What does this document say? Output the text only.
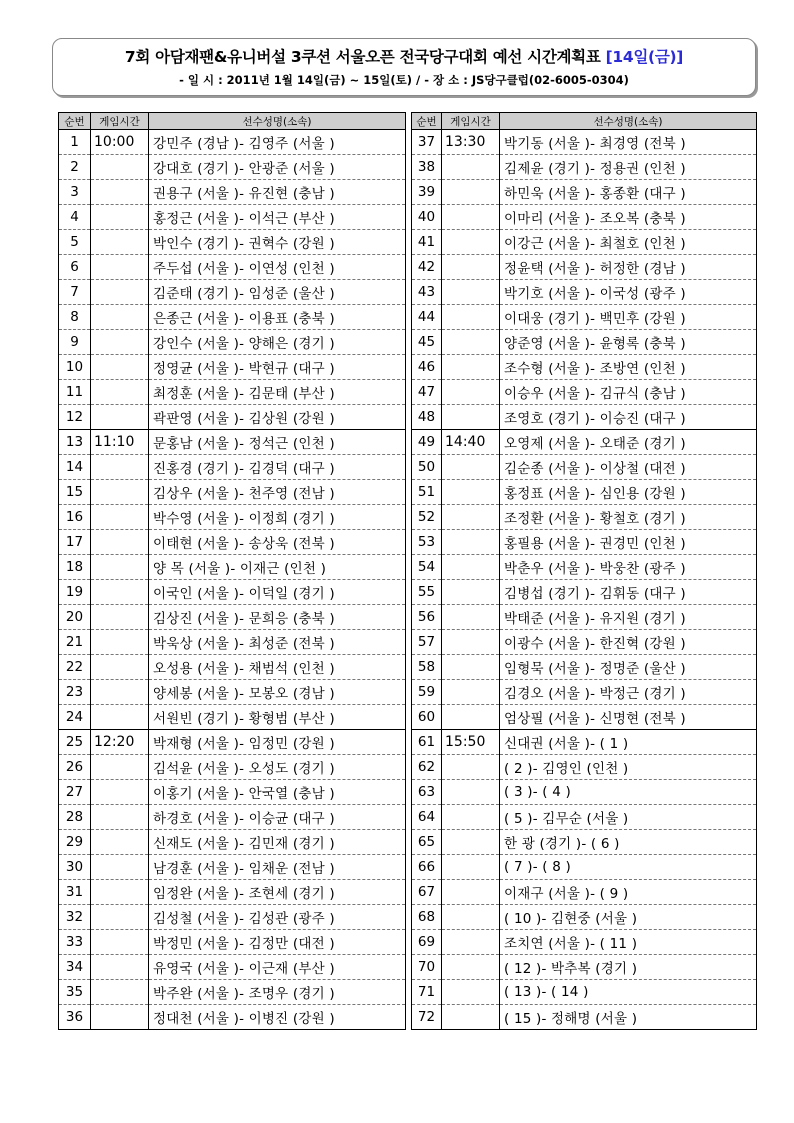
7회 아담재팬&유니버설 3쿠션 서울오픈 전국당구대회 예선 시간계획표 [14일(금)]
- 일 시 : 2011년 1월 14일(금) ~ 15일(토) / - 장 소 : JS당구클럽(02-6005-0304)
순번	게임시간	선수성명(소속)
1	10:00	강민주 (경남 )- 김영주 (서울 )
2		강대호 (경기 )- 안광준 (서울 )
3		권용구 (서울 )- 유진현 (충남 )
4		홍정근 (서울 )- 이석근 (부산 )
5		박인수 (경기 )- 권혁수 (강원 )
6		주두섭 (서울 )- 이연성 (인천 )
7		김준태 (경기 )- 임성준 (울산 )
8		은종근 (서울 )- 이용표 (충북 )
9		강인수 (서울 )- 양해은 (경기 )
10		정영균 (서울 )- 박현규 (대구 )
11		최정훈 (서울 )- 김문태 (부산 )
12		곽판영 (서울 )- 김상원 (강원 )
13	11:10	문홍남 (서울 )- 정석근 (인천 )
14		진홍경 (경기 )- 김경덕 (대구 )
15		김상우 (서울 )- 천주영 (전남 )
16		박수영 (서울 )- 이정희 (경기 )
17		이태현 (서울 )- 송상욱 (전북 )
18		양 목 (서울 )- 이재근 (인천 )
19		이국인 (서울 )- 이덕일 (경기 )
20		김상진 (서울 )- 문희응 (충북 )
21		박욱상 (서울 )- 최성준 (전북 )
22		오성용 (서울 )- 채범석 (인천 )
23		양세봉 (서울 )- 모봉오 (경남 )
24		서원빈 (경기 )- 황형범 (부산 )
25	12:20	박재형 (서울 )- 임정민 (강원 )
26		김석윤 (서울 )- 오성도 (경기 )
27		이홍기 (서울 )- 안국열 (충남 )
28		하경호 (서울 )- 이승균 (대구 )
29		신재도 (서울 )- 김민재 (경기 )
30		남경훈 (서울 )- 임채운 (전남 )
31		임정완 (서울 )- 조현세 (경기 )
32		김성철 (서울 )- 김성관 (광주 )
33		박정민 (서울 )- 김정만 (대전 )
34		유영국 (서울 )- 이근재 (부산 )
35		박주완 (서울 )- 조명우 (경기 )
36		정대천 (서울 )- 이병진 (강원 )
순번	게임시간	선수성명(소속)
37	13:30	박기동 (서울 )- 최경영 (전북 )
38		김제윤 (경기 )- 정용권 (인천 )
39		하민욱 (서울 )- 홍종환 (대구 )
40		이마리 (서울 )- 조오복 (충북 )
41		이강근 (서울 )- 최철호 (인천 )
42		정윤택 (서울 )- 허정한 (경남 )
43		박기호 (서울 )- 이국성 (광주 )
44		이대웅 (경기 )- 백민후 (강원 )
45		양준영 (서울 )- 윤형록 (충북 )
46		조수형 (서울 )- 조방연 (인천 )
47		이승우 (서울 )- 김규식 (충남 )
48		조영호 (경기 )- 이승진 (대구 )
49	14:40	오영제 (서울 )- 오태준 (경기 )
50		김순종 (서울 )- 이상철 (대전 )
51		홍정표 (서울 )- 심인용 (강원 )
52		조정환 (서울 )- 황철호 (경기 )
53		홍필용 (서울 )- 권경민 (인천 )
54		박춘우 (서울 )- 박웅찬 (광주 )
55		김병섭 (경기 )- 김휘동 (대구 )
56		박태준 (서울 )- 유지원 (경기 )
57		이광수 (서울 )- 한진혁 (강원 )
58		임형묵 (서울 )- 정명준 (울산 )
59		김경오 (서울 )- 박정근 (경기 )
60		엄상필 (서울 )- 신명현 (전북 )
61	15:50	신대권 (서울 )- ( 1 )
62		( 2 )- 김영인 (인천 )
63		( 3 )- ( 4 )
64		( 5 )- 김무순 (서울 )
65		한 광 (경기 )- ( 6 )
66		( 7 )- ( 8 )
67		이재구 (서울 )- ( 9 )
68		( 10 )- 김현중 (서울 )
69		조치연 (서울 )- ( 11 )
70		( 12 )- 박추복 (경기 )
71		( 13 )- ( 14 )
72		( 15 )- 정해명 (서울 )
